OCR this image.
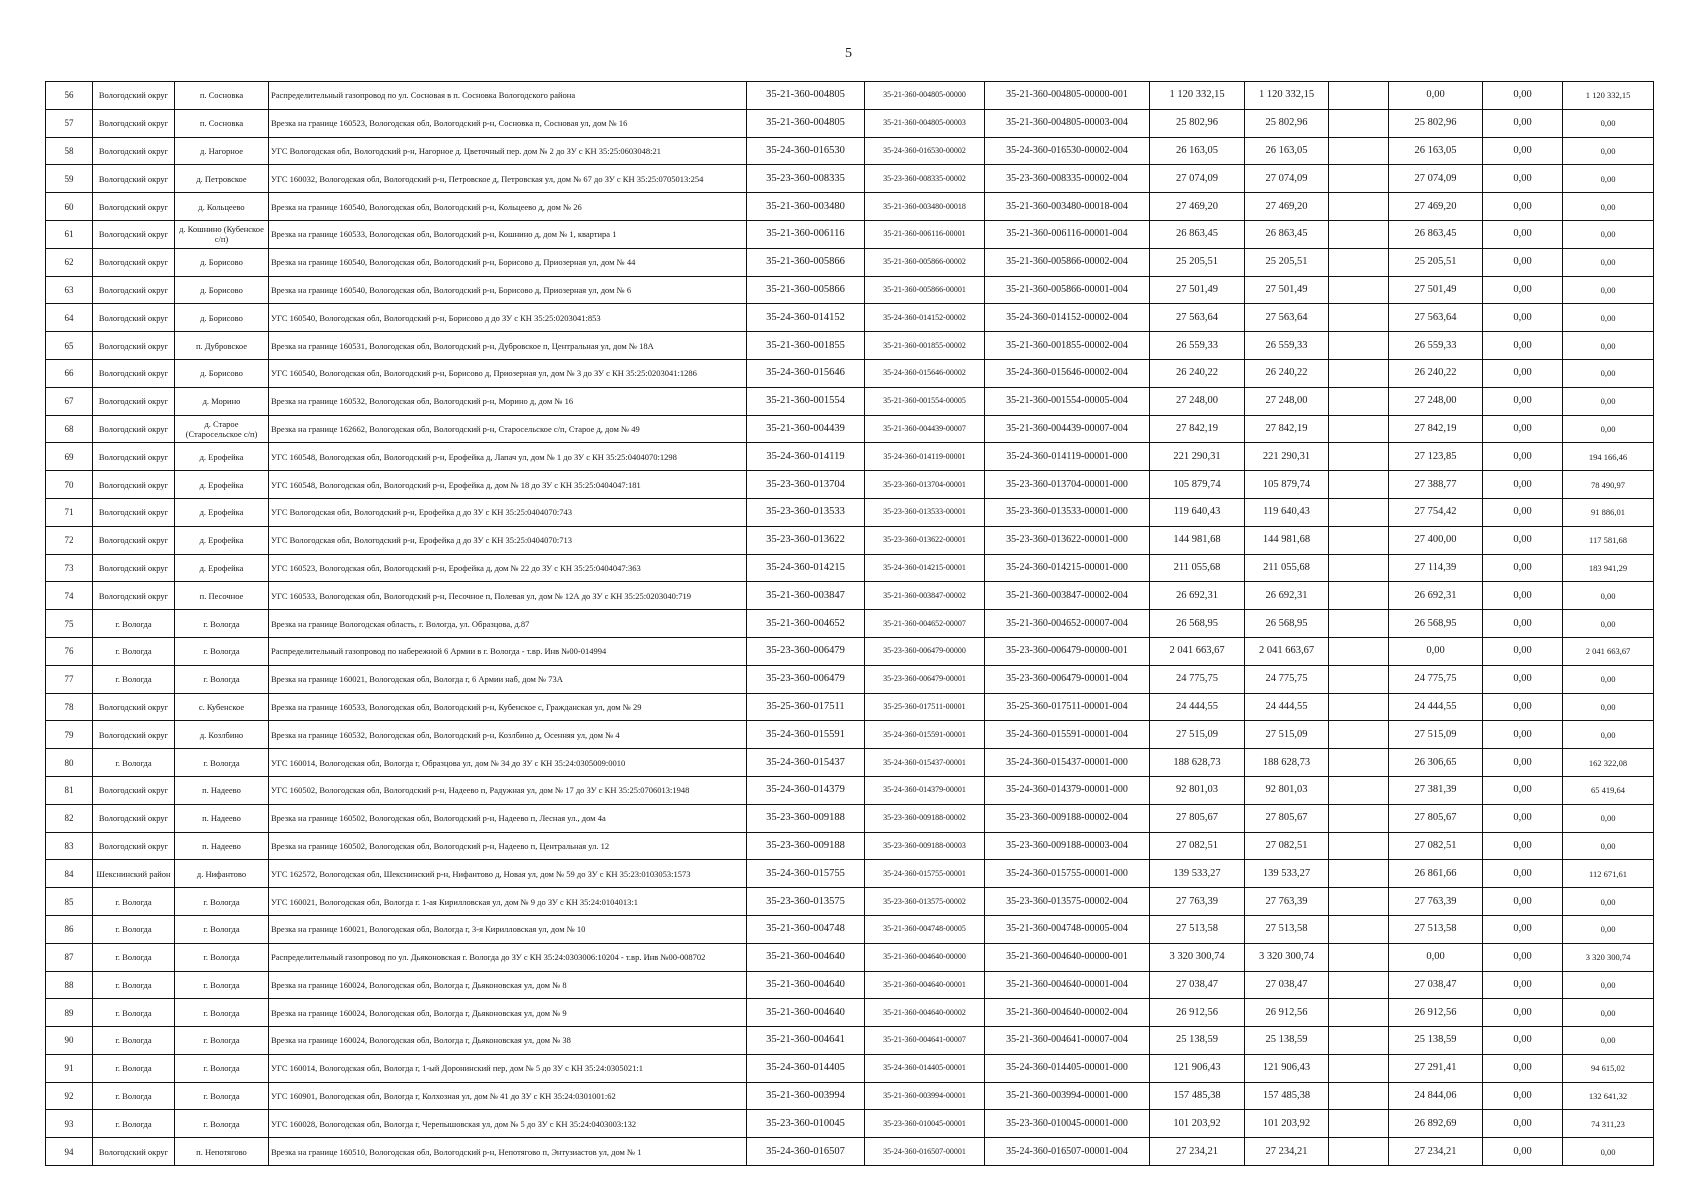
5
56	Вологодский округ	п. Сосновка	Распределительный газопровод по ул. Сосновая в п. Сосновка Вологодского района	35-21-360-004805	35-21-360-004805-00000	35-21-360-004805-00000-001	1 120 332,15	1 120 332,15		0,00	0,00	1 120 332,15
57	Вологодский округ	п. Сосновка	Врезка на границе 160523, Вологодская обл, Вологодский р-н, Сосновка п, Сосновая ул, дом № 16	35-21-360-004805	35-21-360-004805-00003	35-21-360-004805-00003-004	25 802,96	25 802,96		25 802,96	0,00	0,00
58	Вологодский округ	д. Нагорное	УГС Вологодская обл, Вологодский р-н, Нагорное д. Цветочный пер. дом № 2 до ЗУ с КН 35:25:0603048:21	35-24-360-016530	35-24-360-016530-00002	35-24-360-016530-00002-004	26 163,05	26 163,05		26 163,05	0,00	0,00
59	Вологодский округ	д. Петровское	УГС 160032, Вологодская обл, Вологодский р-н, Петровское д, Петровская ул, дом № 67 до ЗУ с КН 35:25:0705013:254	35-23-360-008335	35-23-360-008335-00002	35-23-360-008335-00002-004	27 074,09	27 074,09		27 074,09	0,00	0,00
60	Вологодский округ	д. Кольцеево	Врезка на границе 160540, Вологодская обл, Вологодский р-н, Кольцеево д, дом № 26	35-21-360-003480	35-21-360-003480-00018	35-21-360-003480-00018-004	27 469,20	27 469,20		27 469,20	0,00	0,00
61	Вологодский округ	д. Кошнино (Кубенское с/п)	Врезка на границе 160533, Вологодская обл, Вологодский р-н, Кошнино д, дом № 1, квартира 1	35-21-360-006116	35-21-360-006116-00001	35-21-360-006116-00001-004	26 863,45	26 863,45		26 863,45	0,00	0,00
62	Вологодский округ	д. Борисово	Врезка на границе 160540, Вологодская обл, Вологодский р-н, Борисово д, Приозерная ул, дом № 44	35-21-360-005866	35-21-360-005866-00002	35-21-360-005866-00002-004	25 205,51	25 205,51		25 205,51	0,00	0,00
63	Вологодский округ	д. Борисово	Врезка на границе 160540, Вологодская обл, Вологодский р-н, Борисово д, Приозерная ул, дом № 6	35-21-360-005866	35-21-360-005866-00001	35-21-360-005866-00001-004	27 501,49	27 501,49		27 501,49	0,00	0,00
64	Вологодский округ	д. Борисово	УГС 160540, Вологодская обл, Вологодский р-н, Борисово д до ЗУ с КН 35:25:0203041:853	35-24-360-014152	35-24-360-014152-00002	35-24-360-014152-00002-004	27 563,64	27 563,64		27 563,64	0,00	0,00
65	Вологодский округ	п. Дубровское	Врезка на границе 160531, Вологодская обл, Вологодский р-н, Дубровское п, Центральная ул, дом № 18А	35-21-360-001855	35-21-360-001855-00002	35-21-360-001855-00002-004	26 559,33	26 559,33		26 559,33	0,00	0,00
66	Вологодский округ	д. Борисово	УГС 160540, Вологодская обл, Вологодский р-н, Борисово д, Приозерная ул, дом № 3 до ЗУ с КН 35:25:0203041:1286	35-24-360-015646	35-24-360-015646-00002	35-24-360-015646-00002-004	26 240,22	26 240,22		26 240,22	0,00	0,00
67	Вологодский округ	д. Морино	Врезка на границе 160532, Вологодская обл, Вологодский р-н, Морино д, дом № 16	35-21-360-001554	35-21-360-001554-00005	35-21-360-001554-00005-004	27 248,00	27 248,00		27 248,00	0,00	0,00
68	Вологодский округ	д. Старое (Старосельское с/п)	Врезка на границе 162662, Вологодская обл, Вологодский р-н, Старосельское с/п, Старое д, дом № 49	35-21-360-004439	35-21-360-004439-00007	35-21-360-004439-00007-004	27 842,19	27 842,19		27 842,19	0,00	0,00
69	Вологодский округ	д. Ерофейка	УГС 160548, Вологодская обл, Вологодский р-н, Ерофейка д, Лапач ул, дом № 1 до ЗУ с КН 35:25:0404070:1298	35-24-360-014119	35-24-360-014119-00001	35-24-360-014119-00001-000	221 290,31	221 290,31		27 123,85	0,00	194 166,46
70	Вологодский округ	д. Ерофейка	УГС 160548, Вологодская обл, Вологодский р-н, Ерофейка д, дом № 18 до ЗУ с КН 35:25:0404047:181	35-23-360-013704	35-23-360-013704-00001	35-23-360-013704-00001-000	105 879,74	105 879,74		27 388,77	0,00	78 490,97
71	Вологодский округ	д. Ерофейка	УГС Вологодская обл, Вологодский р-н, Ерофейка д до ЗУ с КН 35:25:0404070:743	35-23-360-013533	35-23-360-013533-00001	35-23-360-013533-00001-000	119 640,43	119 640,43		27 754,42	0,00	91 886,01
72	Вологодский округ	д. Ерофейка	УГС Вологодская обл, Вологодский р-н, Ерофейка д до ЗУ с КН 35:25:0404070:713	35-23-360-013622	35-23-360-013622-00001	35-23-360-013622-00001-000	144 981,68	144 981,68		27 400,00	0,00	117 581,68
73	Вологодский округ	д. Ерофейка	УГС 160523, Вологодская обл, Вологодский р-н, Ерофейка д, дом № 22 до ЗУ с КН 35:25:0404047:363	35-24-360-014215	35-24-360-014215-00001	35-24-360-014215-00001-000	211 055,68	211 055,68		27 114,39	0,00	183 941,29
74	Вологодский округ	п. Песочное	УГС 160533, Вологодская обл, Вологодский р-н, Песочное п, Полевая ул, дом № 12А до ЗУ с КН 35:25:0203040:719	35-21-360-003847	35-21-360-003847-00002	35-21-360-003847-00002-004	26 692,31	26 692,31		26 692,31	0,00	0,00
75	г. Вологда	г. Вологда	Врезка на границе Вологодская область, г. Вологда, ул. Образцова, д.87	35-21-360-004652	35-21-360-004652-00007	35-21-360-004652-00007-004	26 568,95	26 568,95		26 568,95	0,00	0,00
76	г. Вологда	г. Вологда	Распределительный газопровод по набережной 6 Армии в г. Вологда - т.вр. Инв №00-014994	35-23-360-006479	35-23-360-006479-00000	35-23-360-006479-00000-001	2 041 663,67	2 041 663,67		0,00	0,00	2 041 663,67
77	г. Вологда	г. Вологда	Врезка на границе 160021, Вологодская обл, Вологда г, 6 Армии наб, дом № 73А	35-23-360-006479	35-23-360-006479-00001	35-23-360-006479-00001-004	24 775,75	24 775,75		24 775,75	0,00	0,00
78	Вологодский округ	с. Кубенское	Врезка на границе 160533, Вологодская обл, Вологодский р-н, Кубенское с, Гражданская ул, дом № 29	35-25-360-017511	35-25-360-017511-00001	35-25-360-017511-00001-004	24 444,55	24 444,55		24 444,55	0,00	0,00
79	Вологодский округ	д. Козлбино	Врезка на границе 160532, Вологодская обл, Вологодский р-н, Козлбино д, Осенняя ул, дом № 4	35-24-360-015591	35-24-360-015591-00001	35-24-360-015591-00001-004	27 515,09	27 515,09		27 515,09	0,00	0,00
80	г. Вологда	г. Вологда	УГС 160014, Вологодская обл, Вологда г, Образцова ул, дом № 34 до ЗУ с КН 35:24:0305009:0010	35-24-360-015437	35-24-360-015437-00001	35-24-360-015437-00001-000	188 628,73	188 628,73		26 306,65	0,00	162 322,08
81	Вологодский округ	п. Надеево	УГС 160502, Вологодская обл, Вологодский р-н, Надеево п, Радужная ул, дом № 17 до ЗУ с КН 35:25:0706013:1948	35-24-360-014379	35-24-360-014379-00001	35-24-360-014379-00001-000	92 801,03	92 801,03		27 381,39	0,00	65 419,64
82	Вологодский округ	п. Надеево	Врезка на границе 160502, Вологодская обл, Вологодский р-н, Надеево п, Лесная ул., дом 4а	35-23-360-009188	35-23-360-009188-00002	35-23-360-009188-00002-004	27 805,67	27 805,67		27 805,67	0,00	0,00
83	Вологодский округ	п. Надеево	Врезка на границе 160502, Вологодская обл, Вологодский р-н, Надеево п, Центральная ул. 12	35-23-360-009188	35-23-360-009188-00003	35-23-360-009188-00003-004	27 082,51	27 082,51		27 082,51	0,00	0,00
84	Шекснинский район	д. Нифантово	УГС 162572, Вологодская обл, Шекснинский р-н, Нифантово д, Новая ул, дом № 59 до ЗУ с КН 35:23:0103053:1573	35-24-360-015755	35-24-360-015755-00001	35-24-360-015755-00001-000	139 533,27	139 533,27		26 861,66	0,00	112 671,61
85	г. Вологда	г. Вологда	УГС 160021, Вологодская обл, Вологда г. 1-ая Кирилловская ул, дом № 9 до ЗУ с КН 35:24:0104013:1	35-23-360-013575	35-23-360-013575-00002	35-23-360-013575-00002-004	27 763,39	27 763,39		27 763,39	0,00	0,00
86	г. Вологда	г. Вологда	Врезка на границе 160021, Вологодская обл, Вологда г, 3-я Кирилловская ул, дом № 10	35-21-360-004748	35-21-360-004748-00005	35-21-360-004748-00005-004	27 513,58	27 513,58		27 513,58	0,00	0,00
87	г. Вологда	г. Вологда	Распределительный газопровод по ул. Дьяконовская г. Вологда до ЗУ с КН 35:24:0303006:10204 - т.вр. Инв №00-008702	35-21-360-004640	35-21-360-004640-00000	35-21-360-004640-00000-001	3 320 300,74	3 320 300,74		0,00	0,00	3 320 300,74
88	г. Вологда	г. Вологда	Врезка на границе 160024, Вологодская обл, Вологда г, Дьяконовская ул, дом № 8	35-21-360-004640	35-21-360-004640-00001	35-21-360-004640-00001-004	27 038,47	27 038,47		27 038,47	0,00	0,00
89	г. Вологда	г. Вологда	Врезка на границе 160024, Вологодская обл, Вологда г, Дьяконовская ул, дом № 9	35-21-360-004640	35-21-360-004640-00002	35-21-360-004640-00002-004	26 912,56	26 912,56		26 912,56	0,00	0,00
90	г. Вологда	г. Вологда	Врезка на границе 160024, Вологодская обл, Вологда г, Дьяконовская ул, дом № 38	35-21-360-004641	35-21-360-004641-00007	35-21-360-004641-00007-004	25 138,59	25 138,59		25 138,59	0,00	0,00
91	г. Вологда	г. Вологда	УГС 160014, Вологодская обл, Вологда г, 1-ый Доронинский пер, дом № 5 до ЗУ с КН 35:24:0305021:1	35-24-360-014405	35-24-360-014405-00001	35-24-360-014405-00001-000	121 906,43	121 906,43		27 291,41	0,00	94 615,02
92	г. Вологда	г. Вологда	УГС 160901, Вологодская обл, Вологда г, Колхозная ул, дом № 41 до ЗУ с КН 35:24:0301001:62	35-21-360-003994	35-21-360-003994-00001	35-21-360-003994-00001-000	157 485,38	157 485,38		24 844,06	0,00	132 641,32
93	г. Вологда	г. Вологда	УГС 160028, Вологодская обл, Вологда г, Черепышовская ул, дом № 5 до ЗУ с КН 35:24:0403003:132	35-23-360-010045	35-23-360-010045-00001	35-23-360-010045-00001-000	101 203,92	101 203,92		26 892,69	0,00	74 311,23
94	Вологодский округ	п. Непотягово	Врезка на границе 160510, Вологодская обл, Вологодский р-н, Непотягово п, Энтузиастов ул, дом № 1	35-24-360-016507	35-24-360-016507-00001	35-24-360-016507-00001-004	27 234,21	27 234,21		27 234,21	0,00	0,00
